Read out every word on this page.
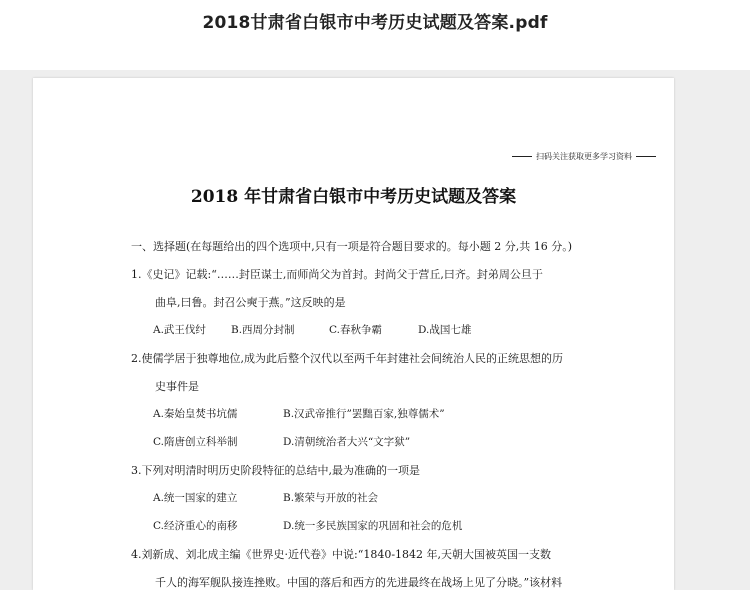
2018甘肃省白银市中考历史试题及答案.pdf
扫码关注获取更多学习资料
2018 年甘肃省白银市中考历史试题及答案
一、选择题(在每题给出的四个选项中,只有一项是符合题目要求的。每小题 2 分,共 16 分。)
1.《史记》记载:“……封臣谋士,而师尚父为首封。封尚父于营丘,曰齐。封弟周公旦于
曲阜,曰鲁。封召公奭于燕。”这反映的是
A.武王伐纣 B.西周分封制	C.春秋争霸	D.战国七雄
2.使儒学居于独尊地位,成为此后整个汉代以至两千年封建社会间统治人民的正统思想的历
史事件是
A.秦始皇焚书坑儒	B.汉武帝推行”罢黜百家,独尊儒术”
C.隋唐创立科举制	D.清朝统治者大兴“文字狱”
3.下列对明清时明历史阶段特征的总结中,最为准确的一项是
A.统一国家的建立	B.繁荣与开放的社会
C.经济重心的南移	D.统一多民族国家的巩固和社会的危机
4.刘新成、刘北成主编《世界史·近代卷》中说:“1840-1842 年,天朝大国被英国一支数
千人的海军舰队接连挫败。中国的落后和西方的先进最终在战场上见了分晓。”该材料
